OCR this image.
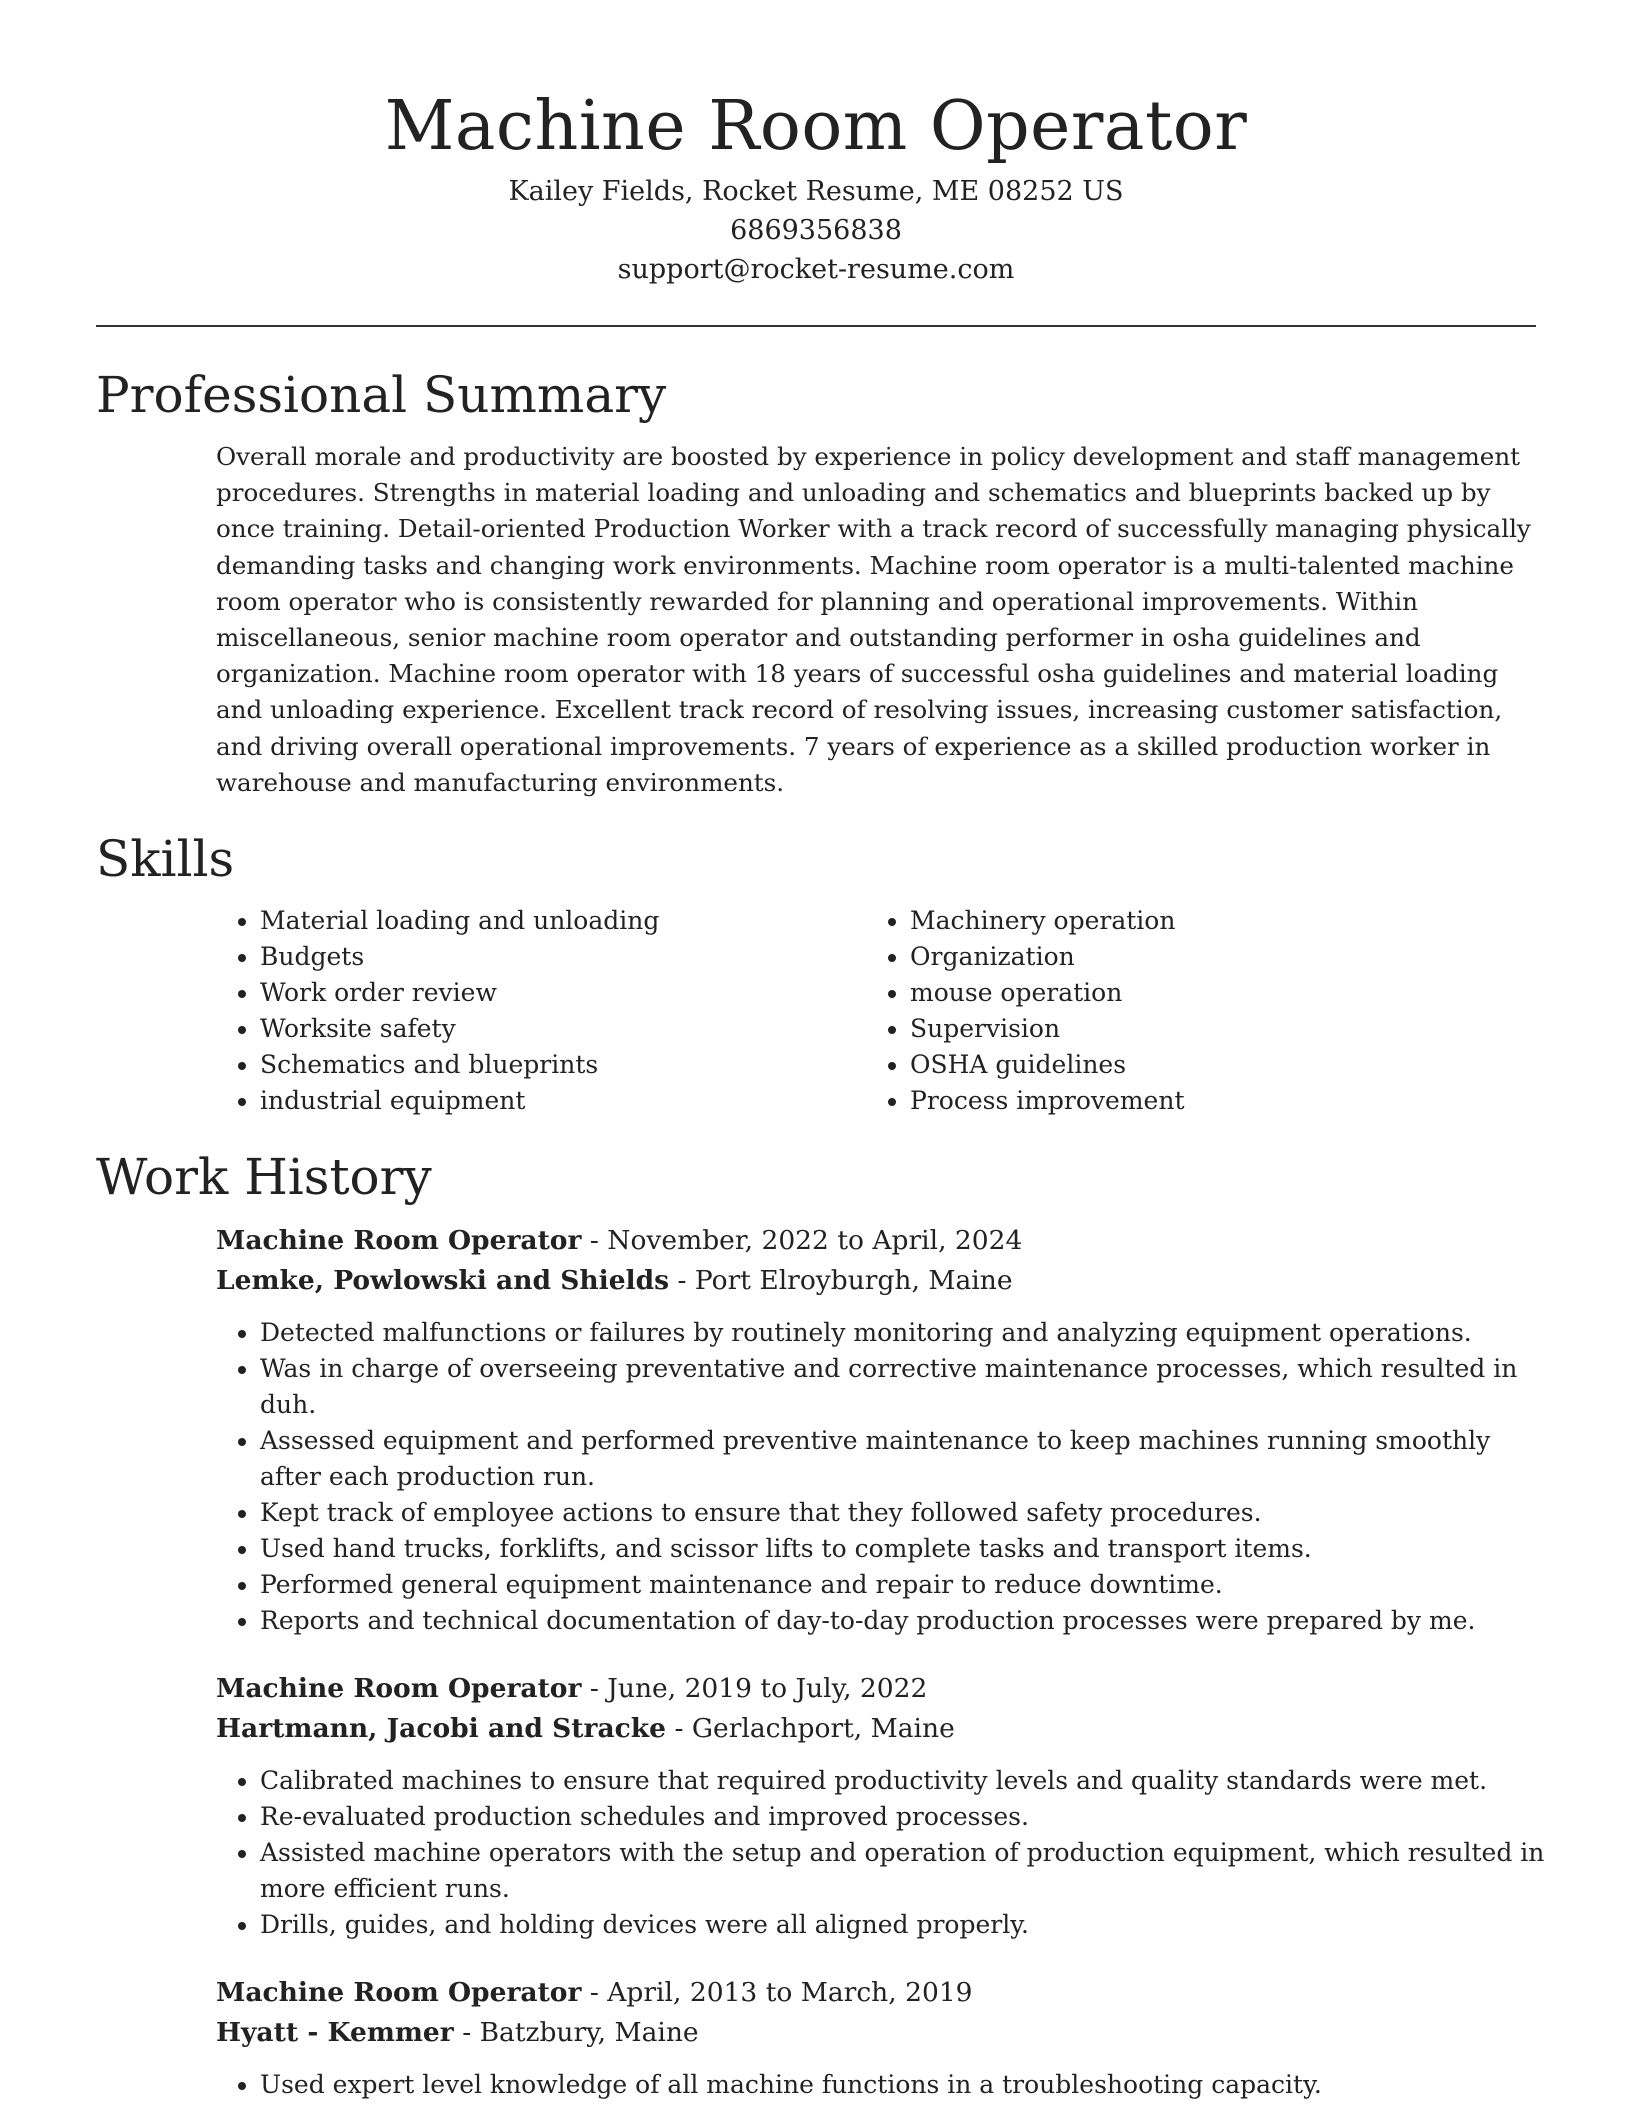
Machine Room Operator

Kailey Fields, Rocket Resume, ME 08252 US

6869356838

support@rocket-resume.com

Professional Summary

Overall morale and productivity are boosted by experience in policy development and staff management procedures. Strengths in material loading and unloading and schematics and blueprints backed up by once training. Detail-oriented Production Worker with a track record of successfully managing physically demanding tasks and changing work environments. Machine room operator is a multi-talented machine room operator who is consistently rewarded for planning and operational improvements. Within miscellaneous, senior machine room operator and outstanding performer in osha guidelines and organization. Machine room operator with 18 years of successful osha guidelines and material loading and unloading experience. Excellent track record of resolving issues, increasing customer satisfaction, and driving overall operational improvements. 7 years of experience as a skilled production worker in warehouse and manufacturing environments.

Skills
• Material loading and unloading
• Budgets
• Work order review
• Worksite safety
• Schematics and blueprints
• industrial equipment
• Machinery operation
• Organization
• mouse operation
• Supervision
• OSHA guidelines
• Process improvement
Work History

Machine Room Operator - November, 2022 to April, 2024

Lemke, Powlowski and Shields - Port Elroyburgh, Maine

• Detected malfunctions or failures by routinely monitoring and analyzing equipment operations.
• Was in charge of overseeing preventative and corrective maintenance processes, which resulted in duh.
• Assessed equipment and performed preventive maintenance to keep machines running smoothly after each production run.
• Kept track of employee actions to ensure that they followed safety procedures.
• Used hand trucks, forklifts, and scissor lifts to complete tasks and transport items.
• Performed general equipment maintenance and repair to reduce downtime.
• Reports and technical documentation of day-to-day production processes were prepared by me.

Machine Room Operator - June, 2019 to July, 2022

Hartmann, Jacobi and Stracke - Gerlachport, Maine

• Calibrated machines to ensure that required productivity levels and quality standards were met.
• Re-evaluated production schedules and improved processes.
• Assisted machine operators with the setup and operation of production equipment, which resulted in more efficient runs.
• Drills, guides, and holding devices were all aligned properly.

Machine Room Operator - April, 2013 to March, 2019

Hyatt - Kemmer - Batzbury, Maine

• Used expert level knowledge of all machine functions in a troubleshooting capacity.
